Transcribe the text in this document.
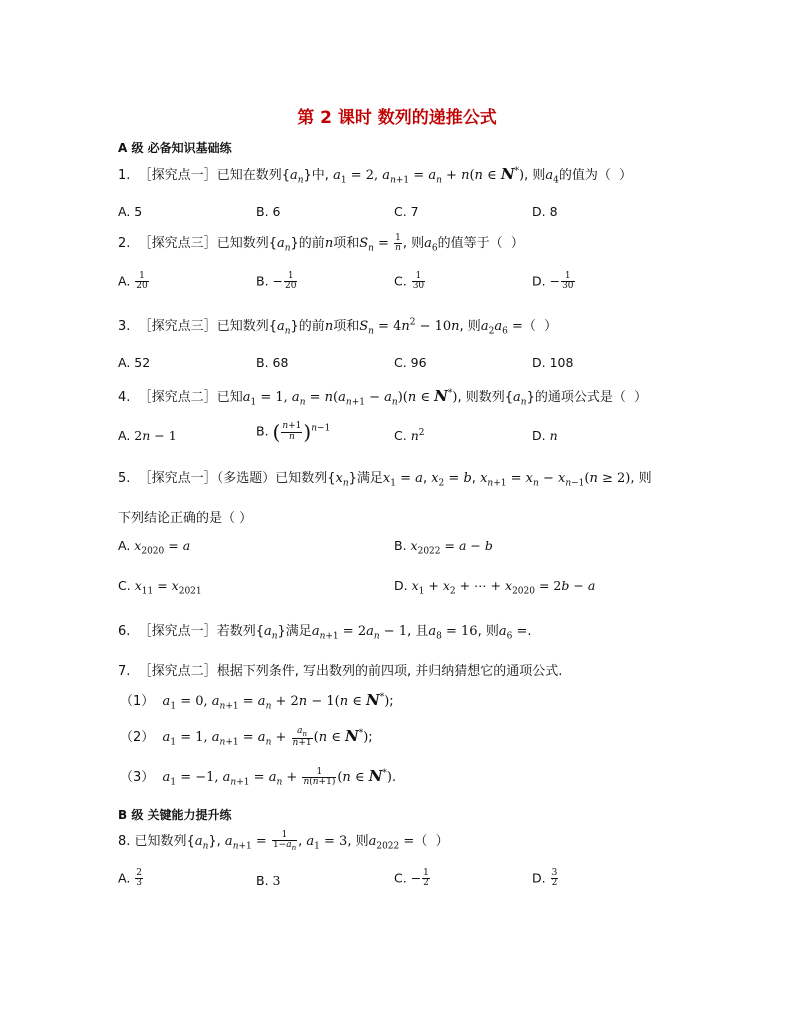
第 2 课时 数列的递推公式
A 级 必备知识基础练
1. ［探究点一］已知在数列$\{a_n\}$中, $a_1 = 2$, $a_{n+1} = a_n + n(n$ ∈ N*), 则$a_4$的值为（  ）
A. 5	B. 6	C. 7	D. 8
2. ［探究点三］已知数列$\{a_n\}$的前n项和$S_n = \frac{1}{n}$ , 则$a_6$的值等于（  ）
A. $\frac{1}{20}$	B. − $\frac{1}{20}$	C. $\frac{1}{30}$	D. − $\frac{1}{30}$
3. ［探究点三］已知数列$\{a_n\}$的前n项和$S_n = 4n^2 - 10n$, 则$a_2a_6$ =（  ）
A. 52	B. 68	C. 96	D. 108
4. ［探究点二］已知$a_1 = 1$, $a_n = n(a_{n+1} - a_n)(n$ ∈ N*), 则数列$\{a_n\}$的通项公式是（  ）
A. 2n − 1	B. ( $\frac{n+1}{n} )^{n-1}$	C. $n^2$	D. n
5. ［探究点一］（多选题）已知数列$\{x_n\}$满足$x_1 = a$, $x_2 = b$, $x_{n+1} = x_n - x_{n-1}(n \ge 2)$, 则
下列结论正确的是（ ）
A. $x_{2020} = a$	B. $x_{2022} = a - b$
C. $x_{11} = x_{2021}$	D. $x_1 + x_2$ + ⋯ + $x_{2020} = 2b - a$
6. ［探究点一］若数列$\{a_n\}$满足$a_{n+1} = 2a_n - 1$, 且$a_8 = 16$, 则$a_6$ =.
7. ［探究点二］根据下列条件, 写出数列的前四项, 并归纳猜想它的通项公式.
（1） $a_1 = 0$, $a_{n+1} = a_n + 2n - 1(n$ ∈ N*);
（2） $a_1 = 1$, $a_{n+1} = a_n + \frac{a_n}{n+1} (n$ ∈ N*);
（3） $a_1 = -1$, $a_{n+1} = a_n + \frac{1}{n(n+1)} (n$ ∈ N*).
B 级 关键能力提升练
8. 已知数列$\{a_n\}$, $a_{n+1} = \frac{1}{1-a_n}$ , $a_1 = 3$, 则$a_{2022}$ =（  ）
A. $\frac{2}{3}$	B. 3	C. − $\frac{1}{2}$	D. $\frac{3}{2}$
